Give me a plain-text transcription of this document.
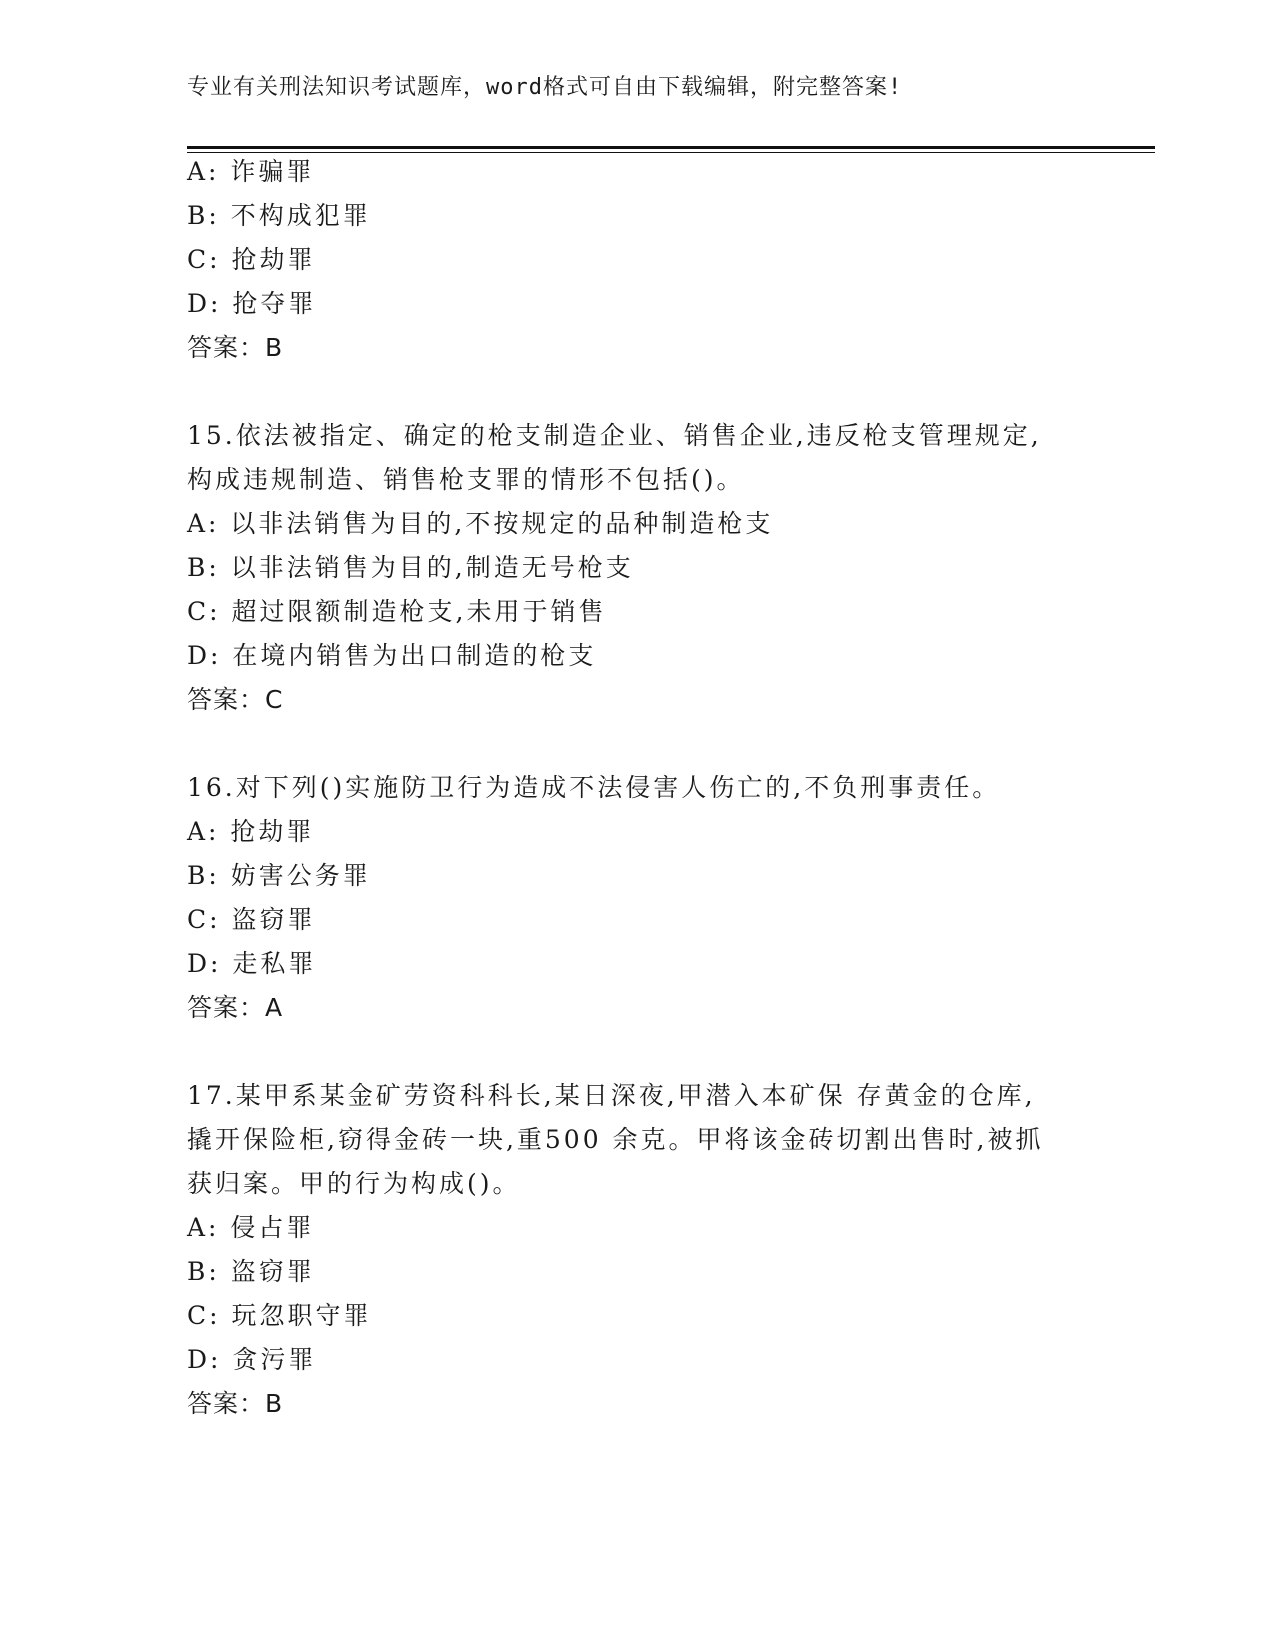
专业有关刑法知识考试题库，word格式可自由下载编辑，附完整答案!
A: 诈骗罪
B: 不构成犯罪
C: 抢劫罪
D: 抢夺罪
答案：B
15.依法被指定、确定的枪支制造企业、销售企业,违反枪支管理规定,
构成违规制造、销售枪支罪的情形不包括()。
A: 以非法销售为目的,不按规定的品种制造枪支
B: 以非法销售为目的,制造无号枪支
C: 超过限额制造枪支,未用于销售
D: 在境内销售为出口制造的枪支
答案：C
16.对下列()实施防卫行为造成不法侵害人伤亡的,不负刑事责任。
A: 抢劫罪
B: 妨害公务罪
C: 盗窃罪
D: 走私罪
答案：A
17.某甲系某金矿劳资科科长,某日深夜,甲潜入本矿保 存黄金的仓库,
撬开保险柜,窃得金砖一块,重500 余克。甲将该金砖切割出售时,被抓
获归案。甲的行为构成()。
A: 侵占罪
B: 盗窃罪
C: 玩忽职守罪
D: 贪污罪
答案：B
